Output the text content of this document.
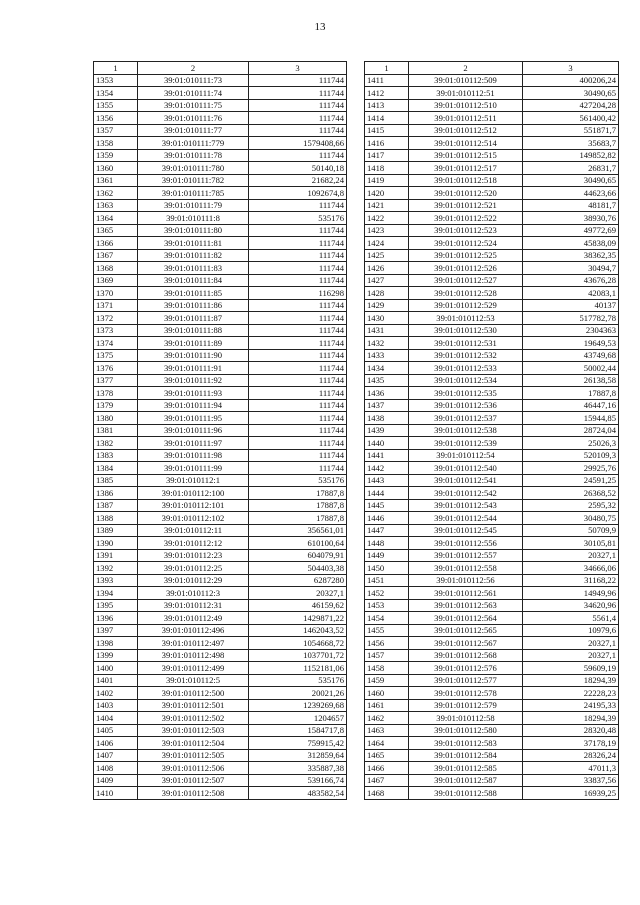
13
1	2	3
1353	39:01:010111:73	111744
1354	39:01:010111:74	111744
1355	39:01:010111:75	111744
1356	39:01:010111:76	111744
1357	39:01:010111:77	111744
1358	39:01:010111:779	1579408,66
1359	39:01:010111:78	111744
1360	39:01:010111:780	50140,18
1361	39:01:010111:782	21682,24
1362	39:01:010111:785	1092674,8
1363	39:01:010111:79	111744
1364	39:01:010111:8	535176
1365	39:01:010111:80	111744
1366	39:01:010111:81	111744
1367	39:01:010111:82	111744
1368	39:01:010111:83	111744
1369	39:01:010111:84	111744
1370	39:01:010111:85	116298
1371	39:01:010111:86	111744
1372	39:01:010111:87	111744
1373	39:01:010111:88	111744
1374	39:01:010111:89	111744
1375	39:01:010111:90	111744
1376	39:01:010111:91	111744
1377	39:01:010111:92	111744
1378	39:01:010111:93	111744
1379	39:01:010111:94	111744
1380	39:01:010111:95	111744
1381	39:01:010111:96	111744
1382	39:01:010111:97	111744
1383	39:01:010111:98	111744
1384	39:01:010111:99	111744
1385	39:01:010112:1	535176
1386	39:01:010112:100	17887,8
1387	39:01:010112:101	17887,8
1388	39:01:010112:102	17887,8
1389	39:01:010112:11	356561,01
1390	39:01:010112:12	610100,64
1391	39:01:010112:23	604079,91
1392	39:01:010112:25	504403,38
1393	39:01:010112:29	6287280
1394	39:01:010112:3	20327,1
1395	39:01:010112:31	46159,62
1396	39:01:010112:49	1429871,22
1397	39:01:010112:496	1462043,52
1398	39:01:010112:497	1054668,72
1399	39:01:010112:498	1037701,72
1400	39:01:010112:499	1152181,06
1401	39:01:010112:5	535176
1402	39:01:010112:500	20021,26
1403	39:01:010112:501	1239269,68
1404	39:01:010112:502	1204657
1405	39:01:010112:503	1584717,8
1406	39:01:010112:504	759915,42
1407	39:01:010112:505	312859,64
1408	39:01:010112:506	335887,38
1409	39:01:010112:507	539166,74
1410	39:01:010112:508	483582,54
1	2	3
1411	39:01:010112:509	400206,24
1412	39:01:010112:51	30490,65
1413	39:01:010112:510	427204,28
1414	39:01:010112:511	561400,42
1415	39:01:010112:512	551871,7
1416	39:01:010112:514	35683,7
1417	39:01:010112:515	149852,82
1418	39:01:010112:517	26831,7
1419	39:01:010112:518	30490,65
1420	39:01:010112:520	44623,66
1421	39:01:010112:521	48181,7
1422	39:01:010112:522	38930,76
1423	39:01:010112:523	49772,69
1424	39:01:010112:524	45838,09
1425	39:01:010112:525	38362,35
1426	39:01:010112:526	30494,7
1427	39:01:010112:527	43676,28
1428	39:01:010112:528	42083,1
1429	39:01:010112:529	40137
1430	39:01:010112:53	517782,78
1431	39:01:010112:530	2304363
1432	39:01:010112:531	19649,53
1433	39:01:010112:532	43749,68
1434	39:01:010112:533	50002,44
1435	39:01:010112:534	26138,58
1436	39:01:010112:535	17887,8
1437	39:01:010112:536	46447,16
1438	39:01:010112:537	15944,85
1439	39:01:010112:538	28724,04
1440	39:01:010112:539	25026,3
1441	39:01:010112:54	520109,3
1442	39:01:010112:540	29925,76
1443	39:01:010112:541	24591,25
1444	39:01:010112:542	26368,52
1445	39:01:010112:543	2595,32
1446	39:01:010112:544	30480,75
1447	39:01:010112:545	50709,9
1448	39:01:010112:556	30105,81
1449	39:01:010112:557	20327,1
1450	39:01:010112:558	34666,06
1451	39:01:010112:56	31168,22
1452	39:01:010112:561	14949,96
1453	39:01:010112:563	34620,96
1454	39:01:010112:564	5561,4
1455	39:01:010112:565	10979,6
1456	39:01:010112:567	20327,1
1457	39:01:010112:568	20327,1
1458	39:01:010112:576	59609,19
1459	39:01:010112:577	18294,39
1460	39:01:010112:578	22228,23
1461	39:01:010112:579	24195,33
1462	39:01:010112:58	18294,39
1463	39:01:010112:580	28320,48
1464	39:01:010112:583	37178,19
1465	39:01:010112:584	28326,24
1466	39:01:010112:585	47011,3
1467	39:01:010112:587	33837,56
1468	39:01:010112:588	16939,25
